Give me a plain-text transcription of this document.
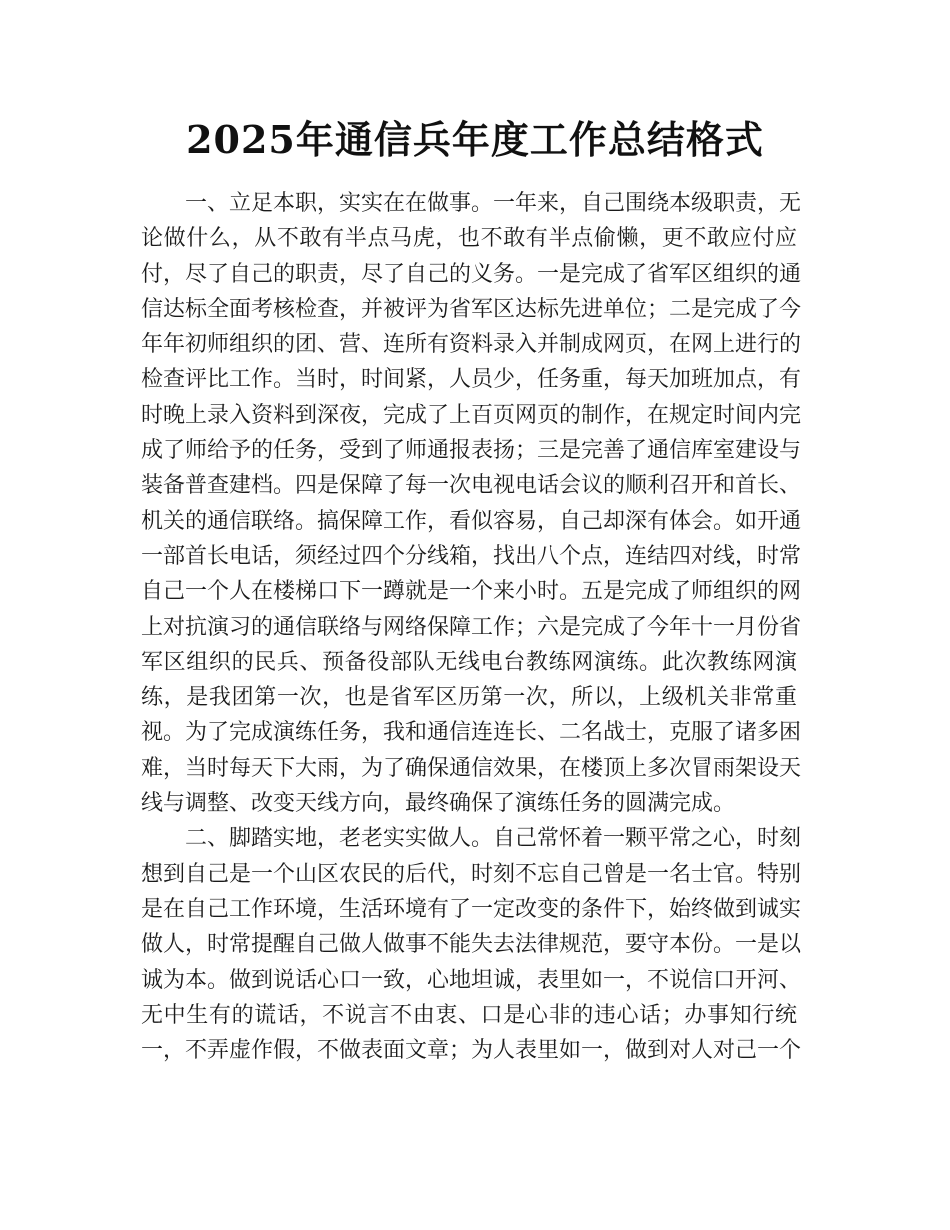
2025年通信兵年度工作总结格式
一、立足本职，实实在在做事。一年来，自己围绕本级职责，无
论做什么，从不敢有半点马虎，也不敢有半点偷懒，更不敢应付应
付，尽了自己的职责，尽了自己的义务。一是完成了省军区组织的通
信达标全面考核检查，并被评为省军区达标先进单位；二是完成了今
年年初师组织的团、营、连所有资料录入并制成网页，在网上进行的
检查评比工作。当时，时间紧，人员少，任务重，每天加班加点，有
时晚上录入资料到深夜，完成了上百页网页的制作，在规定时间内完
成了师给予的任务，受到了师通报表扬；三是完善了通信库室建设与
装备普查建档。四是保障了每一次电视电话会议的顺利召开和首长、
机关的通信联络。搞保障工作，看似容易，自己却深有体会。如开通
一部首长电话，须经过四个分线箱，找出八个点，连结四对线，时常
自己一个人在楼梯口下一蹲就是一个来小时。五是完成了师组织的网
上对抗演习的通信联络与网络保障工作；六是完成了今年十一月份省
军区组织的民兵、预备役部队无线电台教练网演练。此次教练网演
练，是我团第一次，也是省军区历第一次，所以，上级机关非常重
视。为了完成演练任务，我和通信连连长、二名战士，克服了诸多困
难，当时每天下大雨，为了确保通信效果，在楼顶上多次冒雨架设天
线与调整、改变天线方向，最终确保了演练任务的圆满完成。
二、脚踏实地，老老实实做人。自己常怀着一颗平常之心，时刻
想到自己是一个山区农民的后代，时刻不忘自己曾是一名士官。特别
是在自己工作环境，生活环境有了一定改变的条件下，始终做到诚实
做人，时常提醒自己做人做事不能失去法律规范，要守本份。一是以
诚为本。做到说话心口一致，心地坦诚，表里如一，不说信口开河、
无中生有的谎话，不说言不由衷、口是心非的违心话；办事知行统
一，不弄虚作假，不做表面文章；为人表里如一，做到对人对己一个
